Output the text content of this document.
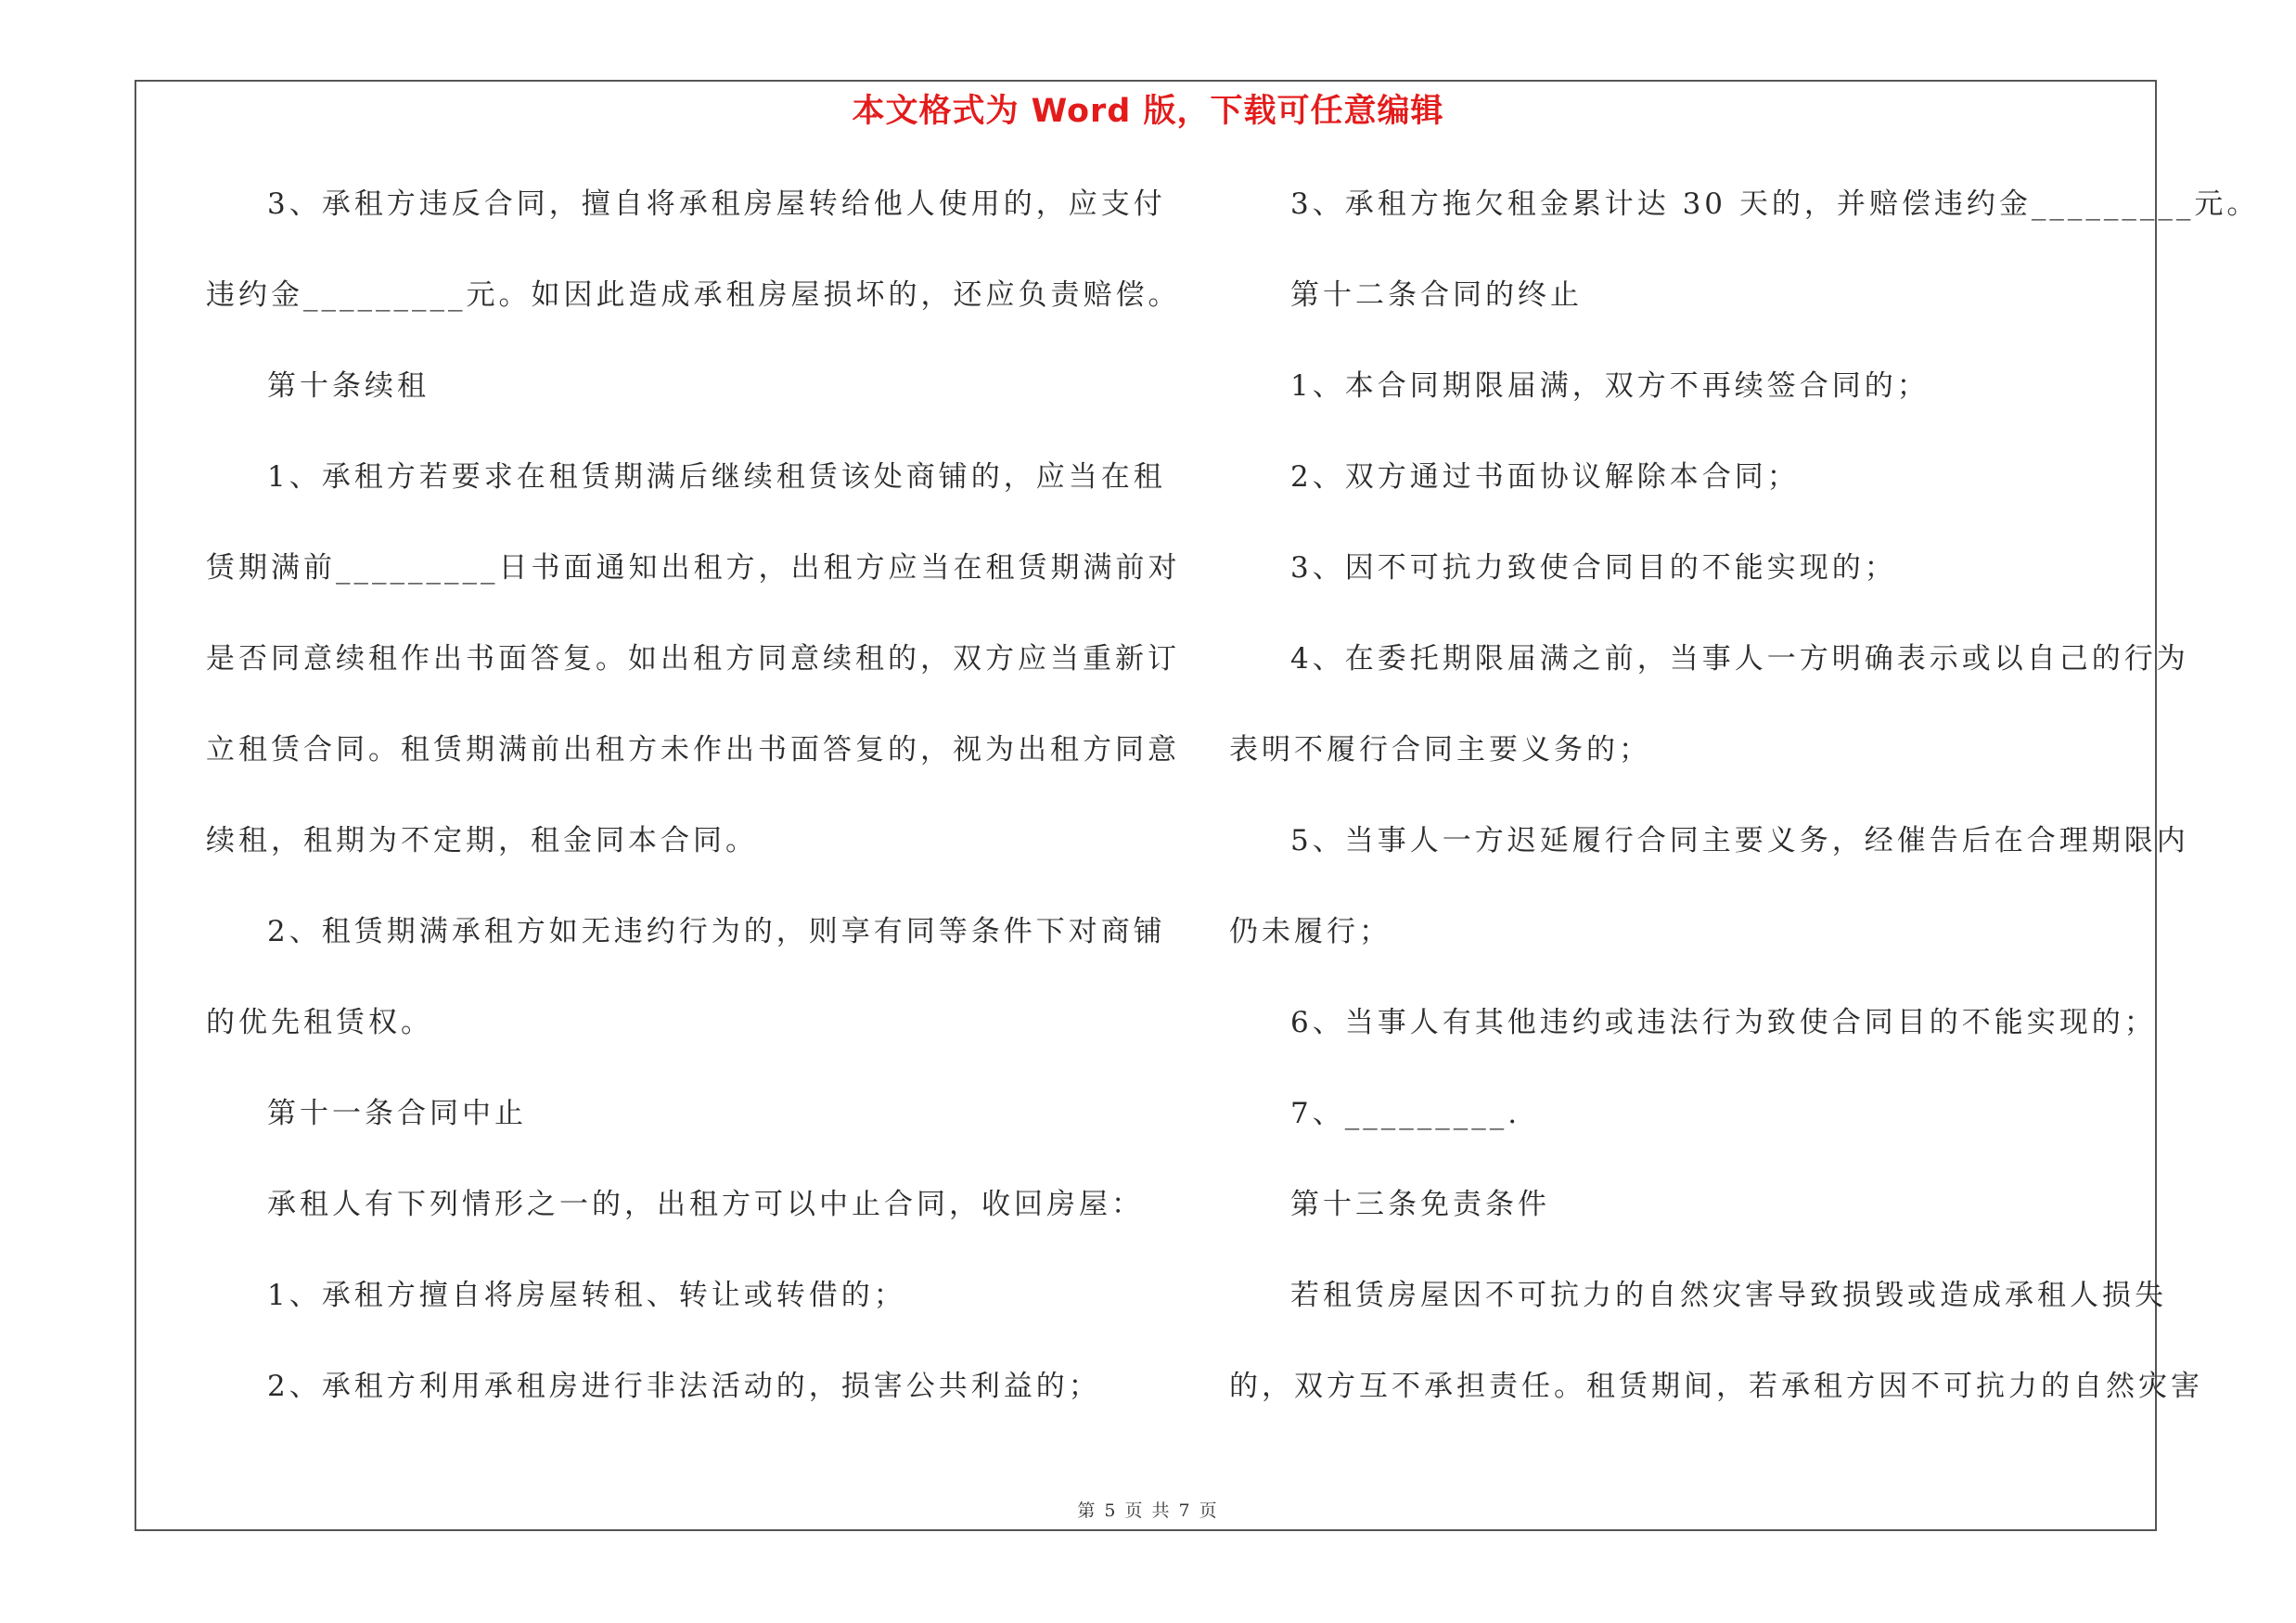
本文格式为 Word 版，下载可任意编辑
3、承租方违反合同，擅自将承租房屋转给他人使用的，应支付
违约金_________元。如因此造成承租房屋损坏的，还应负责赔偿。
第十条续租
1、承租方若要求在租赁期满后继续租赁该处商铺的，应当在租
赁期满前_________日书面通知出租方，出租方应当在租赁期满前对
是否同意续租作出书面答复。如出租方同意续租的，双方应当重新订
立租赁合同。租赁期满前出租方未作出书面答复的，视为出租方同意
续租，租期为不定期，租金同本合同。
2、租赁期满承租方如无违约行为的，则享有同等条件下对商铺
的优先租赁权。
第十一条合同中止
承租人有下列情形之一的，出租方可以中止合同，收回房屋：
1、承租方擅自将房屋转租、转让或转借的；
2、承租方利用承租房进行非法活动的，损害公共利益的；
3、承租方拖欠租金累计达 30 天的，并赔偿违约金_________元。
第十二条合同的终止
1、本合同期限届满，双方不再续签合同的；
2、双方通过书面协议解除本合同；
3、因不可抗力致使合同目的不能实现的；
4、在委托期限届满之前，当事人一方明确表示或以自己的行为
表明不履行合同主要义务的；
5、当事人一方迟延履行合同主要义务，经催告后在合理期限内
仍未履行；
6、当事人有其他违约或违法行为致使合同目的不能实现的；
7、_________.
第十三条免责条件
若租赁房屋因不可抗力的自然灾害导致损毁或造成承租人损失
的，双方互不承担责任。租赁期间，若承租方因不可抗力的自然灾害
第 5 页 共 7 页
